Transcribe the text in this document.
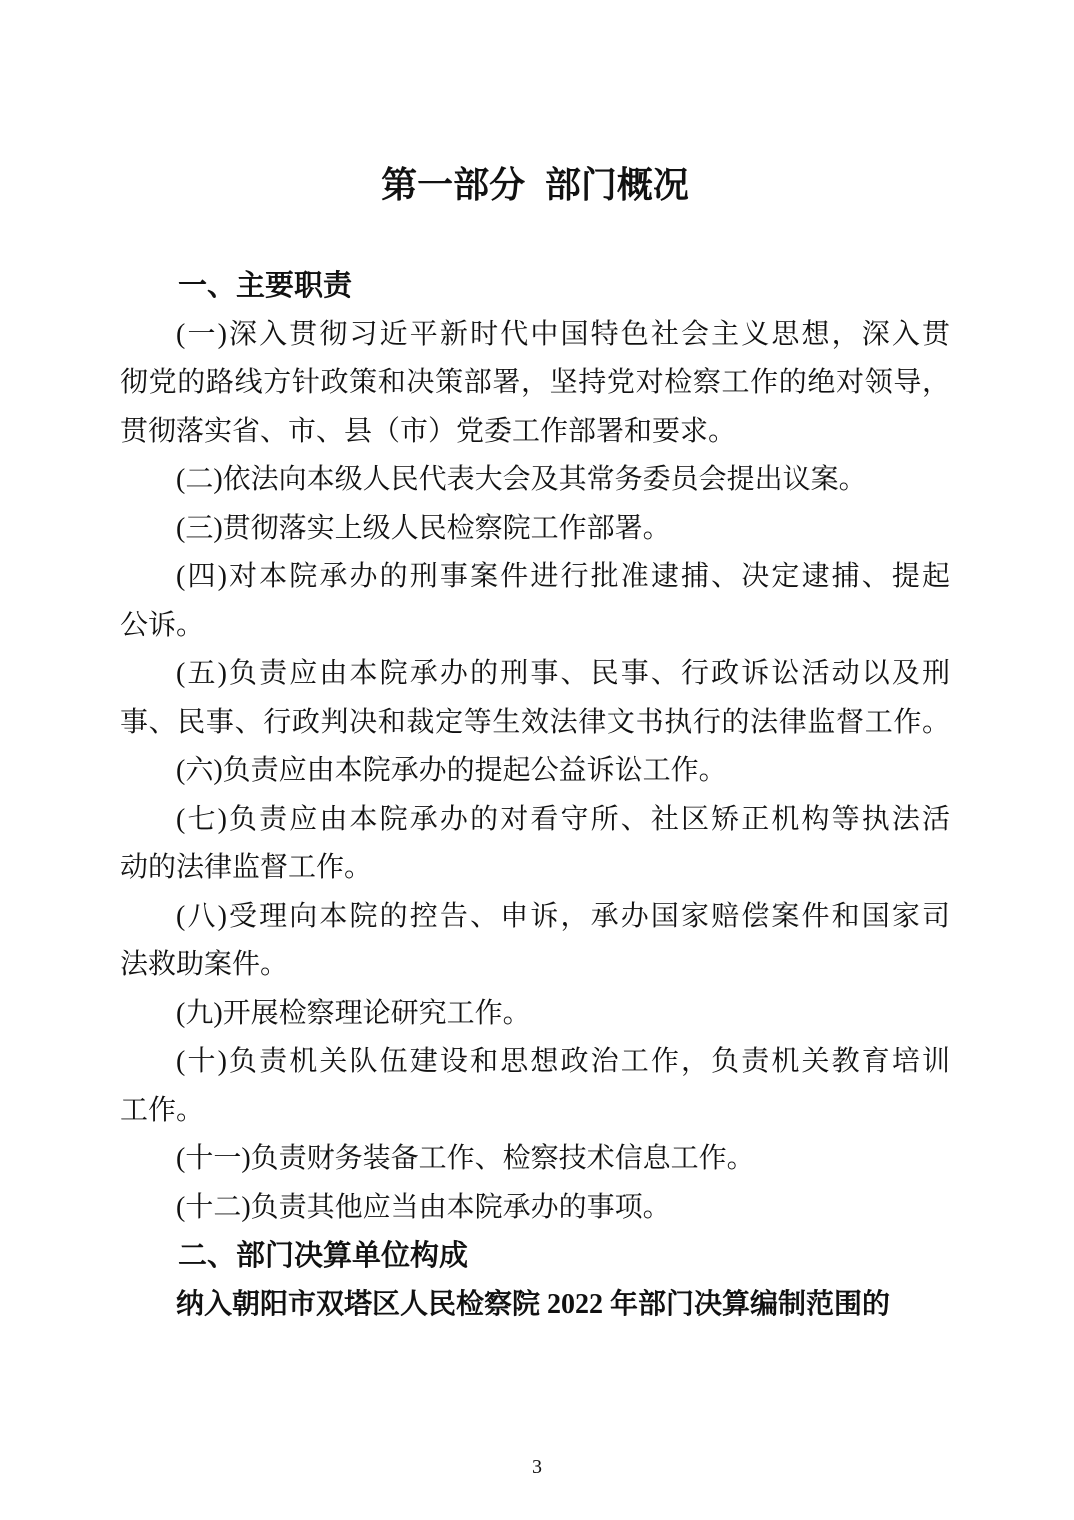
第一部分 部门概况
一、主要职责
(一)深入贯彻习近平新时代中国特色社会主义思想，深入贯
彻党的路线方针政策和决策部署，坚持党对检察工作的绝对领导，
贯彻落实省、市、县（市）党委工作部署和要求。
(二)依法向本级人民代表大会及其常务委员会提出议案。
(三)贯彻落实上级人民检察院工作部署。
(四)对本院承办的刑事案件进行批准逮捕、决定逮捕、提起
公诉。
(五)负责应由本院承办的刑事、民事、行政诉讼活动以及刑
事、民事、行政判决和裁定等生效法律文书执行的法律监督工作。
(六)负责应由本院承办的提起公益诉讼工作。
(七)负责应由本院承办的对看守所、社区矫正机构等执法活
动的法律监督工作。
(八)受理向本院的控告、申诉，承办国家赔偿案件和国家司
法救助案件。
(九)开展检察理论研究工作。
(十)负责机关队伍建设和思想政治工作，负责机关教育培训
工作。
(十一)负责财务装备工作、检察技术信息工作。
(十二)负责其他应当由本院承办的事项。
二、部门决算单位构成
纳入朝阳市双塔区人民检察院 2022 年部门决算编制范围的
3
